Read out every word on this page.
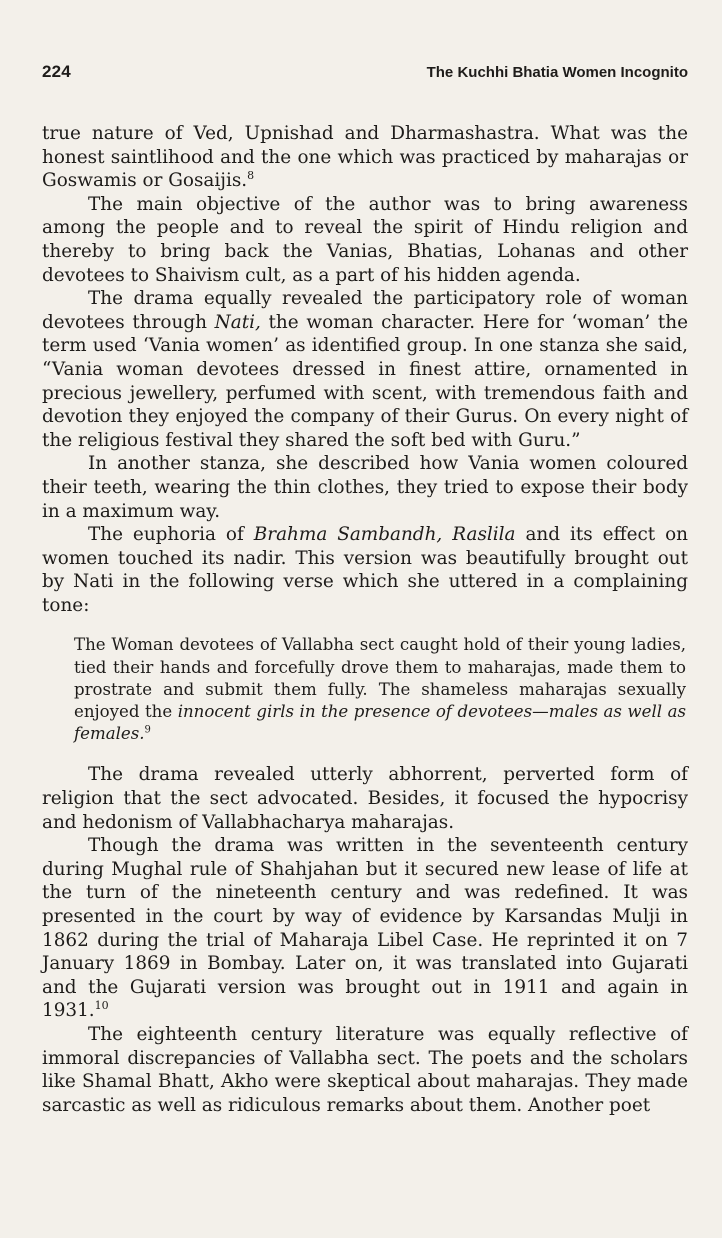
224	The Kuchhi Bhatia Women Incognito

true nature of Ved, Upnishad and Dharmashastra. What was the honest saintlihood and the one which was practiced by maharajas or Goswamis or Gosaijis.$^8$

The main objective of the author was to bring awareness among the people and to reveal the spirit of Hindu religion and thereby to bring back the Vanias, Bhatias, Lohanas and other devotees to Shaivism cult, as a part of his hidden agenda.

The drama equally revealed the participatory role of woman devotees through Nati, the woman character. Here for ‘woman’ the term used ‘Vania women’ as identified group. In one stanza she said, “Vania woman devotees dressed in finest attire, ornamented in precious jewellery, perfumed with scent, with tremendous faith and devotion they enjoyed the company of their Gurus. On every night of the religious festival they shared the soft bed with Guru.”

In another stanza, she described how Vania women coloured their teeth, wearing the thin clothes, they tried to expose their body in a maximum way.

The euphoria of Brahma Sambandh, Raslila and its effect on women touched its nadir. This version was beautifully brought out by Nati in the following verse which she uttered in a complaining tone:

The Woman devotees of Vallabha sect caught hold of their young ladies, tied their hands and forcefully drove them to maharajas, made them to prostrate and submit them fully. The shameless maharajas sexually enjoyed the innocent girls in the presence of devotees—males as well as females.$^9$

The drama revealed utterly abhorrent, perverted form of religion that the sect advocated. Besides, it focused the hypocrisy and hedonism of Vallabhacharya maharajas.

Though the drama was written in the seventeenth century during Mughal rule of Shahjahan but it secured new lease of life at the turn of the nineteenth century and was redefined. It was presented in the court by way of evidence by Karsandas Mulji in 1862 during the trial of Maharaja Libel Case. He reprinted it on 7 January 1869 in Bombay. Later on, it was translated into Gujarati and the Gujarati version was brought out in 1911 and again in 1931.10

The eighteenth century literature was equally reflective of immoral discrepancies of Vallabha sect. The poets and the scholars like Shamal Bhatt, Akho were skeptical about maharajas. They made sarcastic as well as ridiculous remarks about them. Another poet
